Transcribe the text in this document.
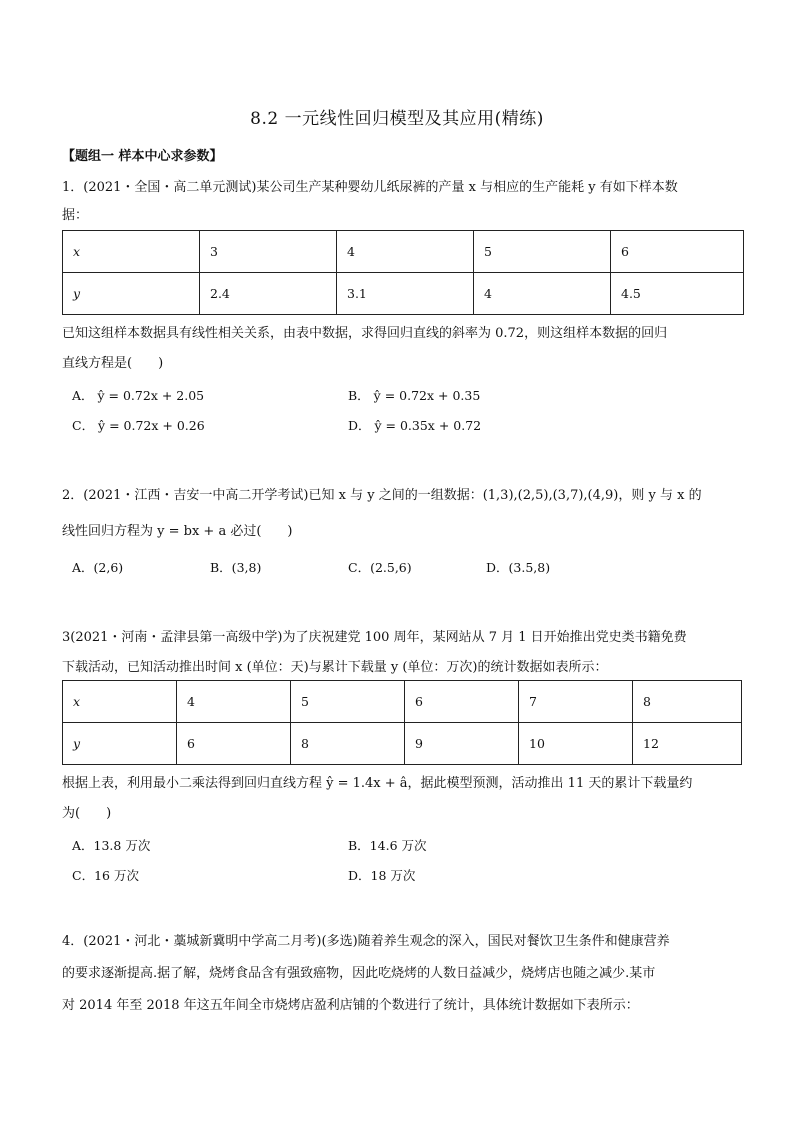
8.2 一元线性回归模型及其应用(精练)
【题组一 样本中心求参数】
1．(2021・全国・高二单元测试)某公司生产某种婴幼儿纸尿裤的产量 x 与相应的生产能耗 y 有如下样本数
据：
x	3	4	5	6
y	2.4	3.1	4	4.5
已知这组样本数据具有线性相关关系，由表中数据，求得回归直线的斜率为 0.72，则这组样本数据的回归
直线方程是(　　)
A． ŷ = 0.72x + 2.05	B． ŷ = 0.72x + 0.35
C． ŷ = 0.72x + 0.26	D． ŷ = 0.35x + 0.72
2．(2021・江西・吉安一中高二开学考试)已知 x 与 y 之间的一组数据：(1,3),(2,5),(3,7),(4,9)，则 y 与 x 的
线性回归方程为 y = bx + a 必过(　　)
A．(2,6)	B．(3,8)	C．(2.5,6)	D．(3.5,8)
3(2021・河南・孟津县第一高级中学)为了庆祝建党 100 周年，某网站从 7 月 1 日开始推出党史类书籍免费
下载活动，已知活动推出时间 x (单位：天)与累计下载量 y (单位：万次)的统计数据如表所示：
x	4	5	6	7	8
y	6	8	9	10	12
根据上表，利用最小二乘法得到回归直线方程 ŷ = 1.4x + â，据此模型预测，活动推出 11 天的累计下载量约
为(　　)
A．13.8 万次	B．14.6 万次
C．16 万次	D．18 万次
4．(2021・河北・藁城新冀明中学高二月考)(多选)随着养生观念的深入，国民对餐饮卫生条件和健康营养
的要求逐渐提高.据了解，烧烤食品含有强致癌物，因此吃烧烤的人数日益减少，烧烤店也随之减少.某市
对 2014 年至 2018 年这五年间全市烧烤店盈利店铺的个数进行了统计，具体统计数据如下表所示：
